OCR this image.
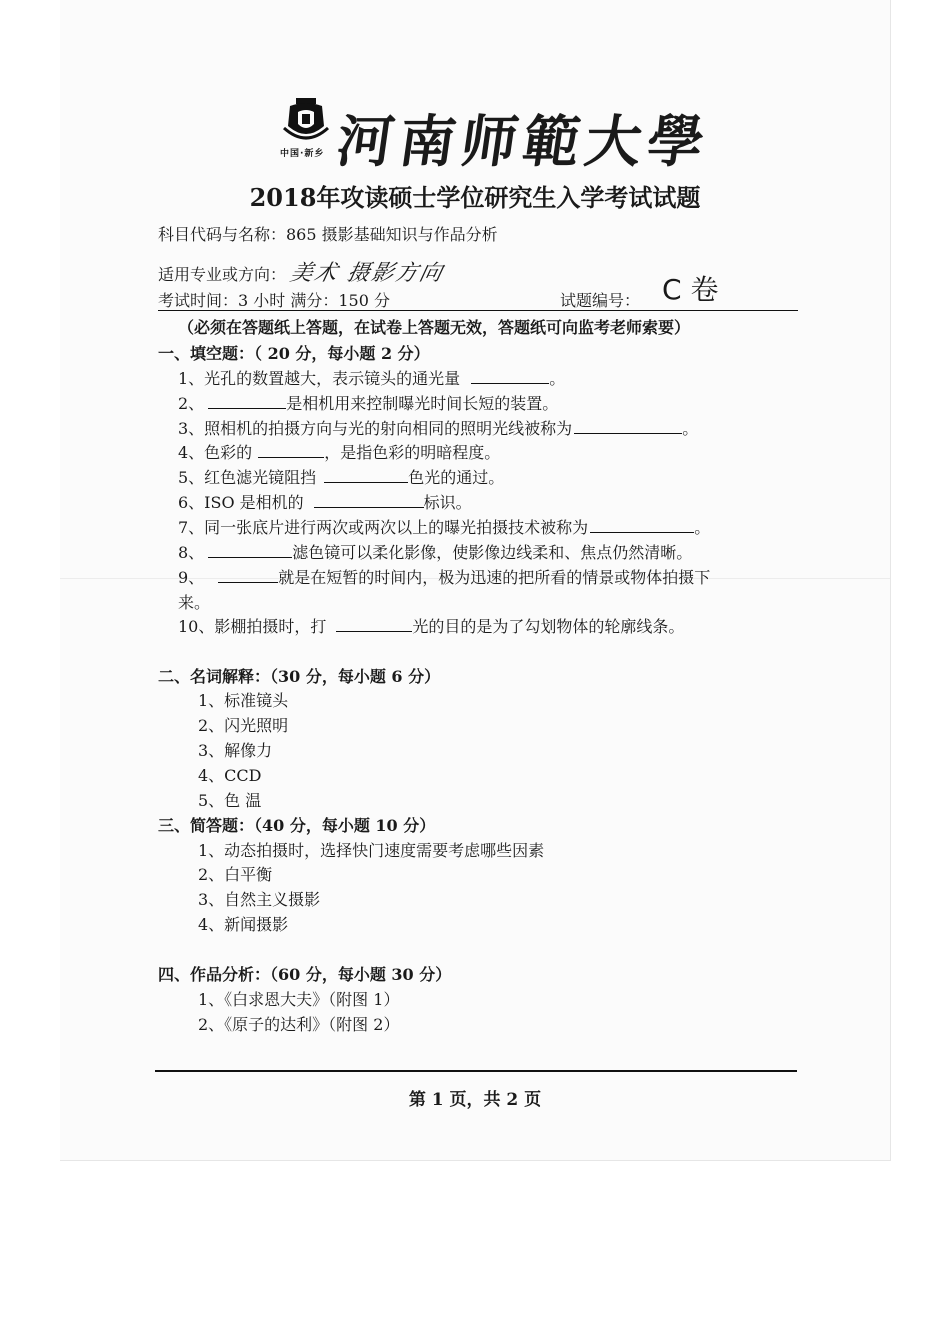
中国·新乡 河南师範大學
2018年攻读硕士学位研究生入学考试试题
科目代码与名称：865 摄影基础知识与作品分析
适用专业或方向： 美术 摄影方向
考试时间：3 小时 满分：150 分	试题编号： C 卷
（必须在答题纸上答题，在试卷上答题无效，答题纸可向监考老师索要）
一、填空题：（ 20 分，每小题 2 分）
1、光孔的数置越大，表示镜头的通光量	。
2、	是相机用来控制曝光时间长短的装置。
3、照相机的拍摄方向与光的射向相同的照明光线被称为	。
4、色彩的	，是指色彩的明暗程度。
5、红色滤光镜阻挡	色光的通过。
6、ISO 是相机的	标识。
7、同一张底片进行两次或两次以上的曝光拍摄技术被称为	。
8、	滤色镜可以柔化影像，使影像边线柔和、焦点仍然清晰。
9、	就是在短暂的时间内，极为迅速的把所看的情景或物体拍摄下
来。
10、影棚拍摄时，打	光的目的是为了勾划物体的轮廓线条。
二、名词解释：（30 分，每小题 6 分）
1、标准镜头
2、闪光照明
3、解像力
4、CCD
5、色 温
三、简答题：（40 分，每小题 10 分）
1、动态拍摄时，选择快门速度需要考虑哪些因素
2、白平衡
3、自然主义摄影
4、新闻摄影
四、作品分析：（60 分，每小题 30 分）
1、《白求恩大夫》（附图 1）
2、《原子的达利》（附图 2）
第 1 页，共 2 页
